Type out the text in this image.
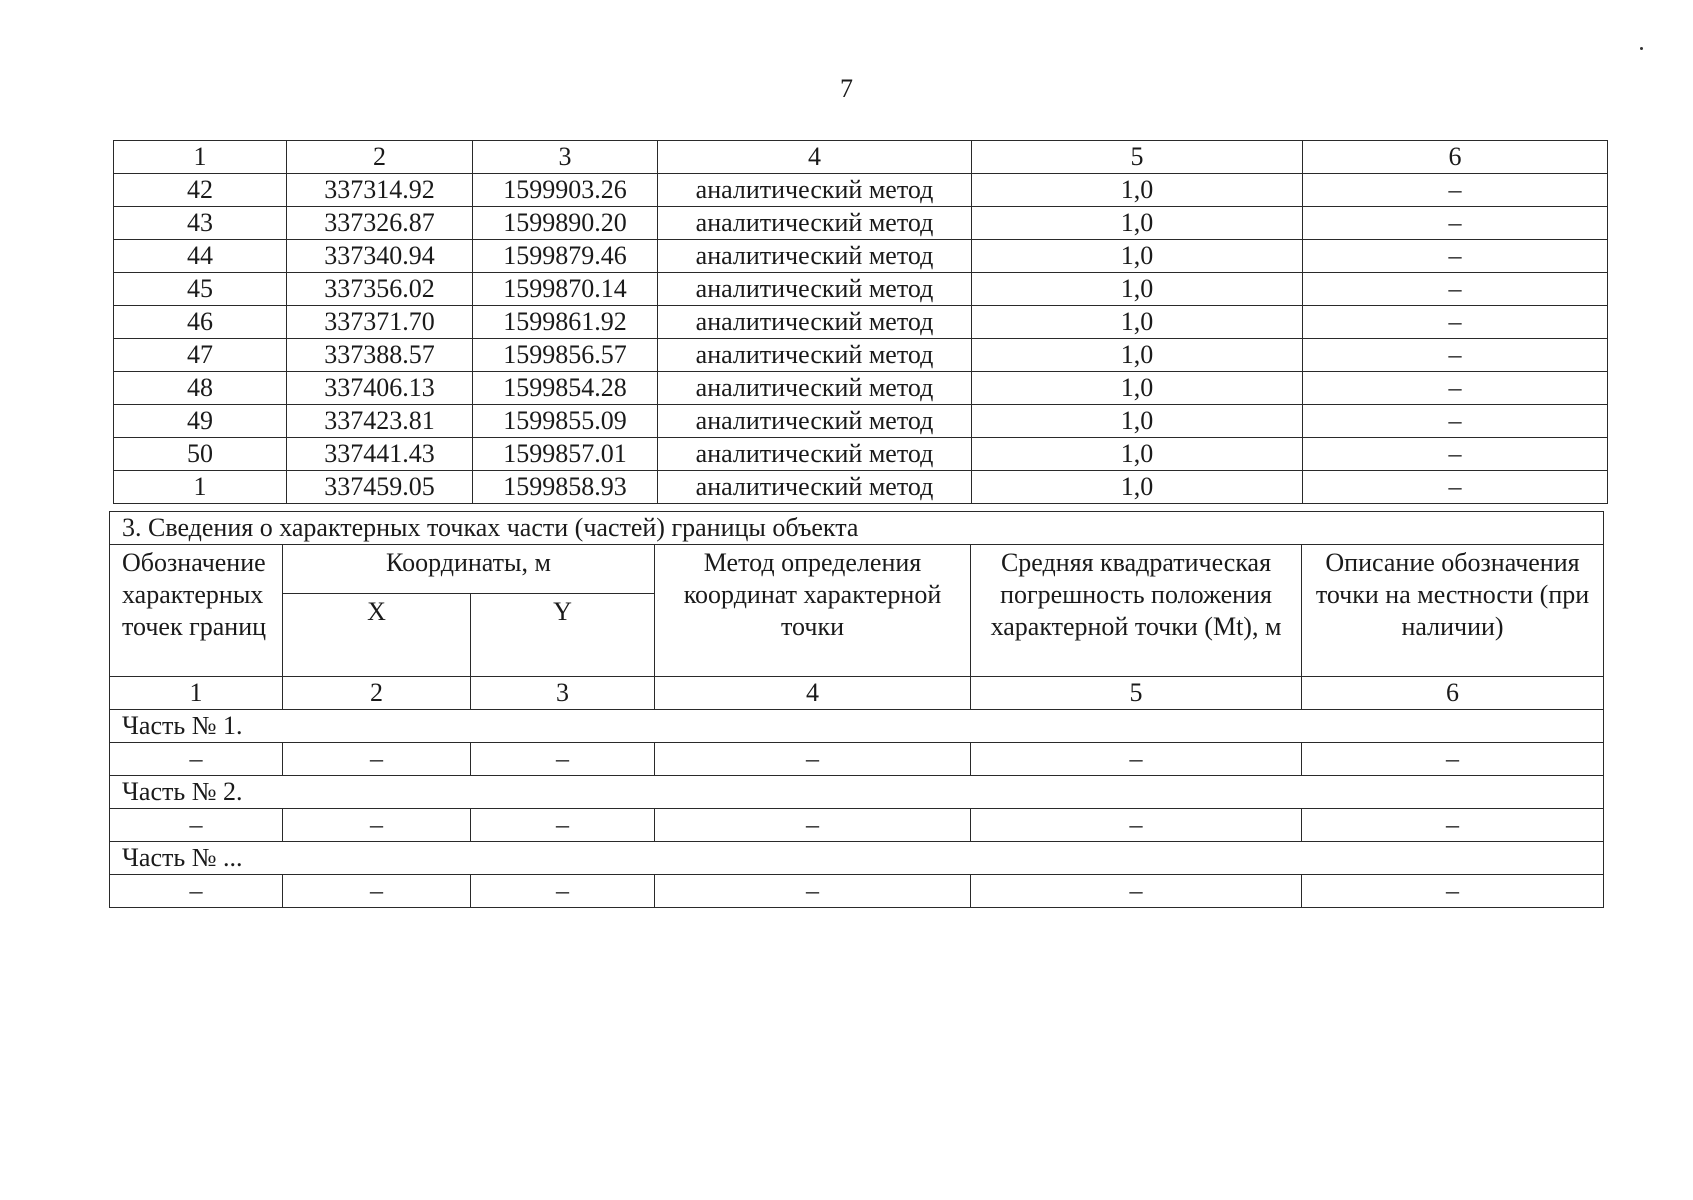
7
1	2	3	4	5	6
42	337314.92	1599903.26	аналитический метод	1,0	–
43	337326.87	1599890.20	аналитический метод	1,0	–
44	337340.94	1599879.46	аналитический метод	1,0	–
45	337356.02	1599870.14	аналитический метод	1,0	–
46	337371.70	1599861.92	аналитический метод	1,0	–
47	337388.57	1599856.57	аналитический метод	1,0	–
48	337406.13	1599854.28	аналитический метод	1,0	–
49	337423.81	1599855.09	аналитический метод	1,0	–
50	337441.43	1599857.01	аналитический метод	1,0	–
1	337459.05	1599858.93	аналитический метод	1,0	–
3. Сведения о характерных точках части (частей) границы объекта					
Обозначение характерных точек границ	Координаты, м		Метод определения координат характерной точки	Средняя квадратическая погрешность положения характерной точки (Mt), м	Описание обозначения точки на местности (при наличии)
	X	Y			
1	2	3	4	5	6
Часть № 1.					
–	–	–	–	–	–
Часть № 2.					
–	–	–	–	–	–
Часть № ...					
–	–	–	–	–	–
